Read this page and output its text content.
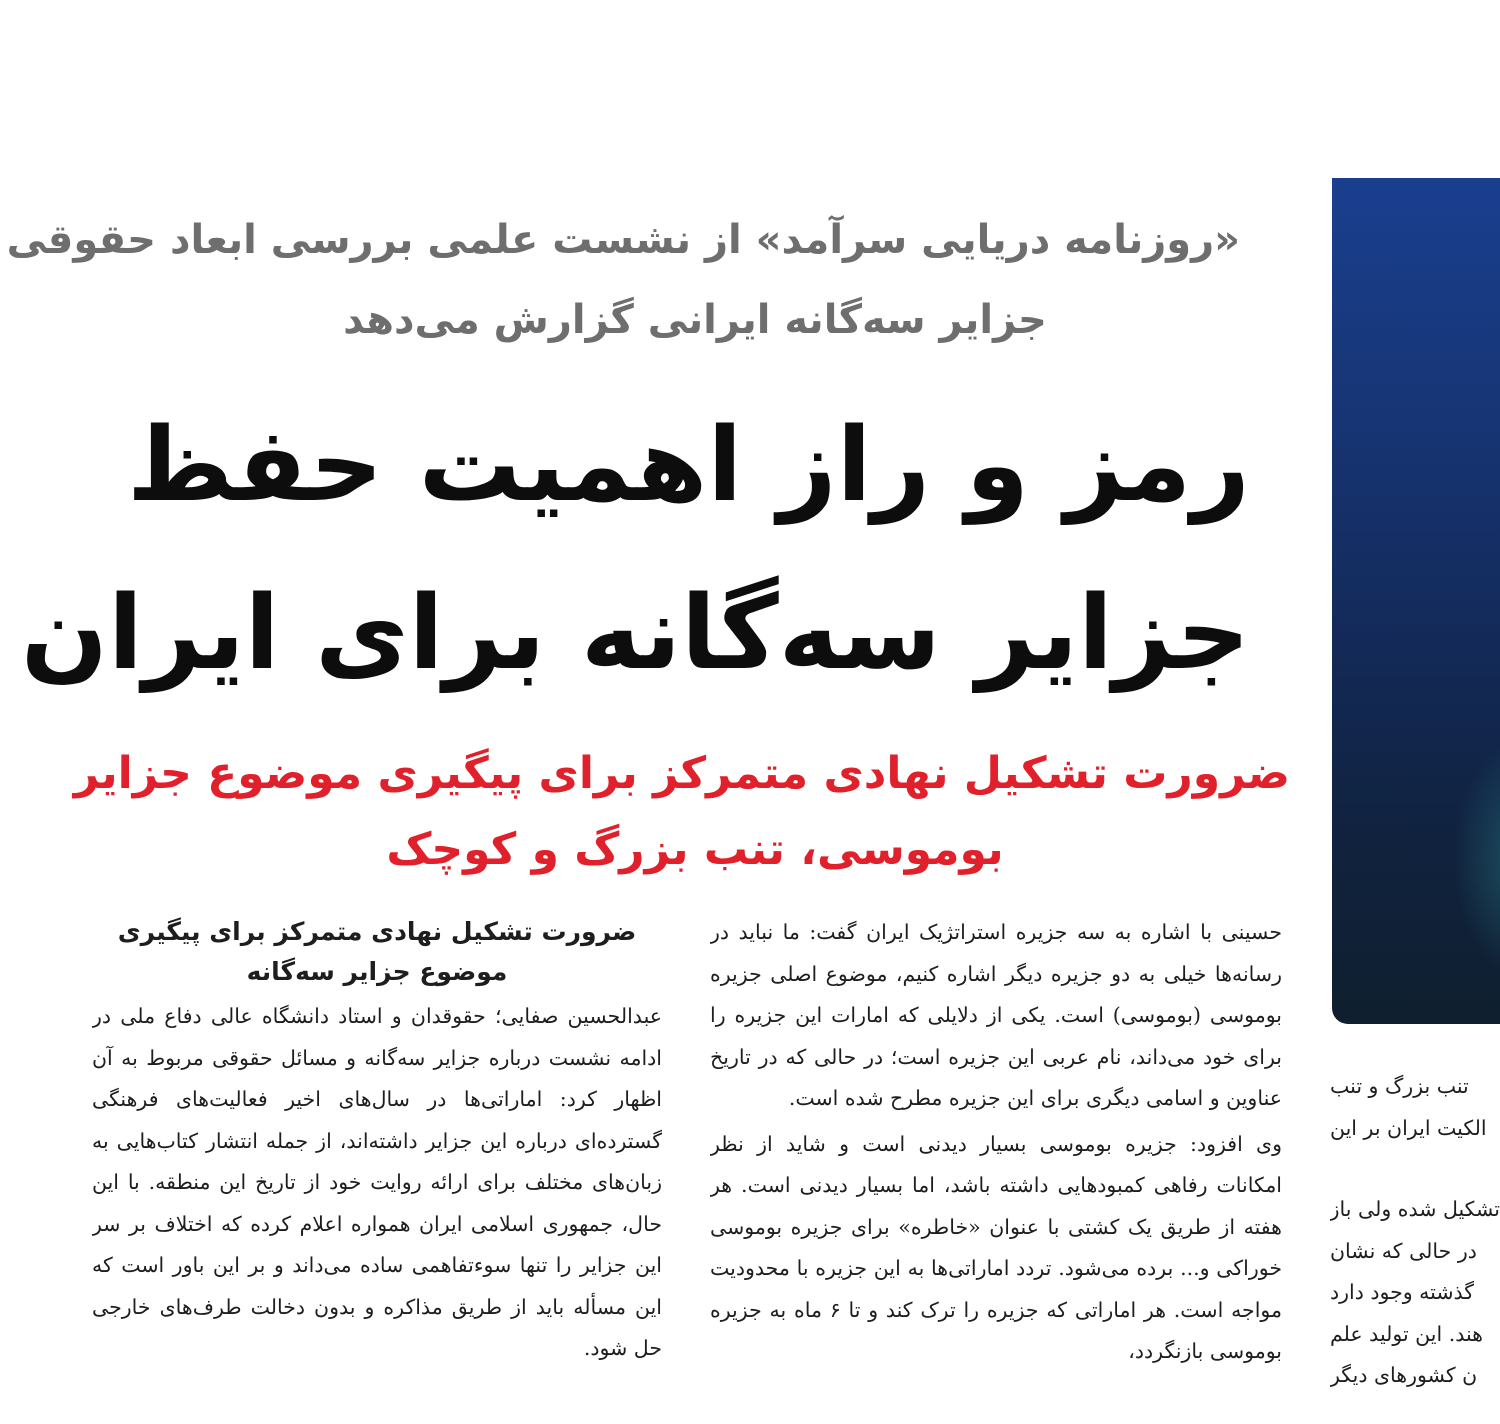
«روزنامه دریایی سرآمد» از نشست علمی بررسی ابعاد حقوقی
جزایر سه‌گانه ایرانی گزارش می‌دهد
رمز و راز اهمیت حفظ
جزایر سه‌گانه برای ایران
ضرورت تشکیل نهادی متمرکز برای پیگیری موضوع جزایر
بوموسی، تنب بزرگ و کوچک

حسینی با اشاره به سه جزیره استراتژیک ایران گفت: ما نباید در رسانه‌ها خیلی به دو جزیره دیگر اشاره کنیم، موضوع اصلی جزیره بوموسی (بوموسی) است. یکی از دلایلی که امارات این جزیره را برای خود می‌داند، نام عربی این جزیره است؛ در حالی که در تاریخ عناوین و اسامی دیگری برای این جزیره مطرح شده است.

وی افزود: جزیره بوموسی بسیار دیدنی است و شاید از نظر امکانات رفاهی کمبودهایی داشته باشد، اما بسیار دیدنی است. هر هفته از طریق یک کشتی با عنوان «خاطره» برای جزیره بوموسی خوراکی و... برده می‌شود. تردد اماراتی‌ها به این جزیره با محدودیت مواجه است. هر اماراتی که جزیره را ترک کند و تا ۶ ماه به جزیره بوموسی بازنگردد،

ضرورت تشکیل نهادی متمرکز برای پیگیری
موضوع جزایر سه‌گانه

عبدالحسین صفایی؛ حقوقدان و استاد دانشگاه عالی دفاع ملی در ادامه نشست درباره جزایر سه‌گانه و مسائل حقوقی مربوط به آن اظهار کرد: اماراتی‌ها در سال‌های اخیر فعالیت‌های فرهنگی گسترده‌ای درباره این جزایر داشته‌اند، از جمله انتشار کتاب‌هایی به زبان‌های مختلف برای ارائه روایت خود از تاریخ این منطقه. با این حال، جمهوری اسلامی ایران همواره اعلام کرده که اختلاف بر سر این جزایر را تنها سوءتفاهمی ساده می‌داند و بر این باور است که این مسأله باید از طریق مذاکره و بدون دخالت طرف‌های خارجی حل شود.

تنب بزرگ و تنب
الکیت ایران بر این
تشکیل شده ولی باز
در حالی که نشان
گذشته وجود دارد
هند. این تولید علم
ن کشورهای دیگر
